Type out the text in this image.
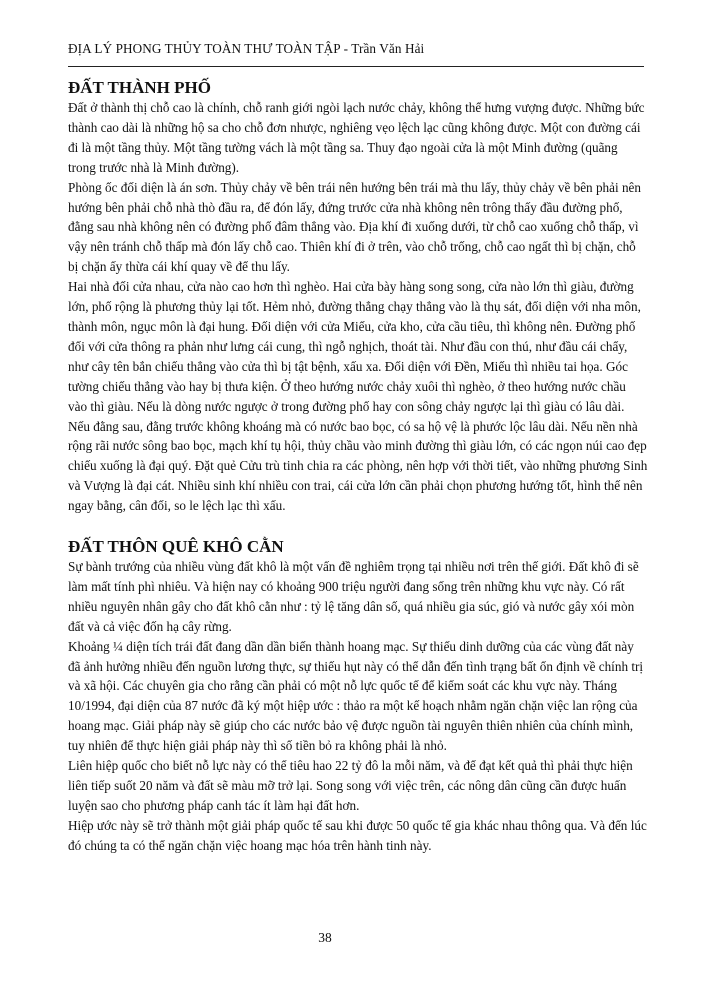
ĐỊA LÝ PHONG THỦY TOÀN THƯ TOÀN TẬP - Trần Văn Hải
ĐẤT THÀNH PHỐ

Đất ở thành thị chỗ cao là chính, chỗ ranh giới ngòi lạch nước chảy, không thể hưng vượng được. Những bức thành cao dài là những hộ sa cho chỗ đơn nhược, nghiêng vẹo lệch lạc cũng không được. Một con đường cái đi là một tầng thủy. Một tầng tường vách là một tầng sa. Thuy đạo ngoài cửa là một Minh đường (quãng trong trước nhà là Minh đường).

Phòng ốc đối diện là án sơn. Thủy chảy về bên trái nên hướng bên trái mà thu lấy, thủy chảy về bên phải nên hướng bên phải chỗ nhà thò đầu ra, để đón lấy, đứng trước cửa nhà không nên trông thấy đầu đường phố, đằng sau nhà không nên có đường phố đâm thẳng vào. Địa khí đi xuống dưới, từ chỗ cao xuống chỗ thấp, vì vậy nên tránh chỗ thấp mà đón lấy chỗ cao. Thiên khí đi ở trên, vào chỗ trống, chỗ cao ngất thì bị chặn, chỗ bị chặn ấy thừa cái khí quay về để thu lấy.

Hai nhà đối cửa nhau, cửa nào cao hơn thì nghèo. Hai cửa bày hàng song song, cửa nào lớn thì giàu, đường lớn, phố rộng là phương thủy lại tốt. Hẻm nhỏ, đường thẳng chạy thẳng vào là thụ sát, đối diện với nha môn, thành môn, ngục môn là đại hung. Đối diện với cửa Miếu, cửa kho, cửa cầu tiêu, thì không nên. Đường phố đối với cửa thông ra phản như lưng cái cung, thì ngỗ nghịch, thoát tài. Như đầu con thú, như đầu cái chẩy, như cây tên bắn chiếu thẳng vào cửa thì bị tật bệnh, xấu xa. Đối diện với Đền, Miếu thì nhiều tai họa. Góc tường chiếu thẳng vào hay bị thưa kiện. Ở theo hướng nước chảy xuôi thì nghèo, ở theo hướng nước chầu vào thì giàu. Nếu là dòng nước ngược ở trong đường phố hay con sông chảy ngược lại thì giàu có lâu dài. Nếu đằng sau, đằng trước không khoáng mà có nước bao bọc, có sa hộ vệ là phước lộc lâu dài. Nếu nền nhà rộng rãi nước sông bao bọc, mạch khí tụ hội, thủy chầu vào minh đường thì giàu lớn, có các ngọn núi cao đẹp chiếu xuống là đại quý. Đặt quẻ Cửu trù tinh chia ra các phòng, nên hợp với thời tiết, vào những phương Sinh và Vượng là đại cát. Nhiều sinh khí nhiều con trai, cái cửa lớn cần phải chọn phương hướng tốt, hình thế nên ngay bằng, cân đối, so le lệch lạc thì xấu.

ĐẤT THÔN QUÊ KHÔ CẰN

Sự bành trướng của nhiều vùng đất khô là một vấn đề nghiêm trọng tại nhiều nơi trên thế giới. Đất khô đi sẽ làm mất tính phì nhiêu. Và hiện nay có khoảng 900 triệu người đang sống trên những khu vực này. Có rất nhiều nguyên nhân gây cho đất khô cằn như : tỷ lệ tăng dân số, quá nhiều gia súc, gió và nước gây xói mòn đất và cả việc đốn hạ cây rừng.

Khoảng ¼ diện tích trái đất đang dần dần biến thành hoang mạc. Sự thiếu dinh dưỡng của các vùng đất này đã ảnh hưởng nhiều đến nguồn lương thực, sự thiếu hụt này có thể dẫn đến tình trạng bất ổn định về chính trị và xã hội. Các chuyên gia cho rằng cần phải có một nỗ lực quốc tế để kiểm soát các khu vực này. Tháng 10/1994, đại diện của 87 nước đã ký một hiệp ước : thảo ra một kế hoạch nhằm ngăn chặn việc lan rộng của hoang mạc. Giải pháp này sẽ giúp cho các nước bảo vệ được nguồn tài nguyên thiên nhiên của chính mình, tuy nhiên để thực hiện giải pháp này thì số tiền bỏ ra không phải là nhỏ.

Liên hiệp quốc cho biết nỗ lực này có thể tiêu hao 22 tỷ đô la mỗi năm, và để đạt kết quả thì phải thực hiện liên tiếp suốt 20 năm và đất sẽ màu mỡ trở lại. Song song với việc trên, các nông dân cũng cần được huấn luyện sao cho phương pháp canh tác ít làm hại đất hơn.

Hiệp ước này sẽ trở thành một giải pháp quốc tế sau khi được 50 quốc tế gia khác nhau thông qua. Và đến lúc đó chúng ta có thể ngăn chặn việc hoang mạc hóa trên hành tinh này.

38
